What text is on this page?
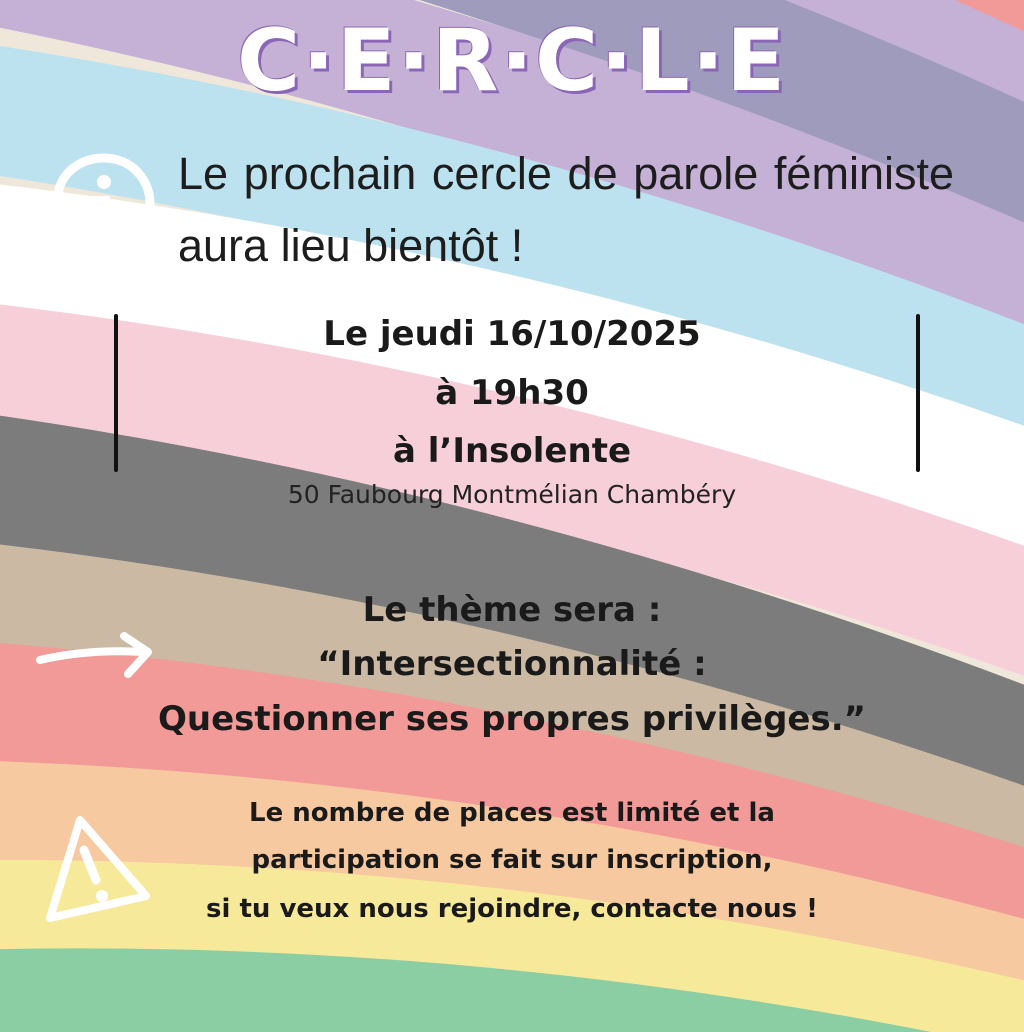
C·E·R·C·L·E

Le prochain cercle de parole féministe aura lieu bientôt !

Le jeudi 16/10/2025

à 19h30

à l’Insolente

50 Faubourg Montmélian Chambéry

Le thème sera :

“Intersectionnalité :

Questionner ses propres privilèges.”

Le nombre de places est limité et la

participation se fait sur inscription,

si tu veux nous rejoindre, contacte nous !
